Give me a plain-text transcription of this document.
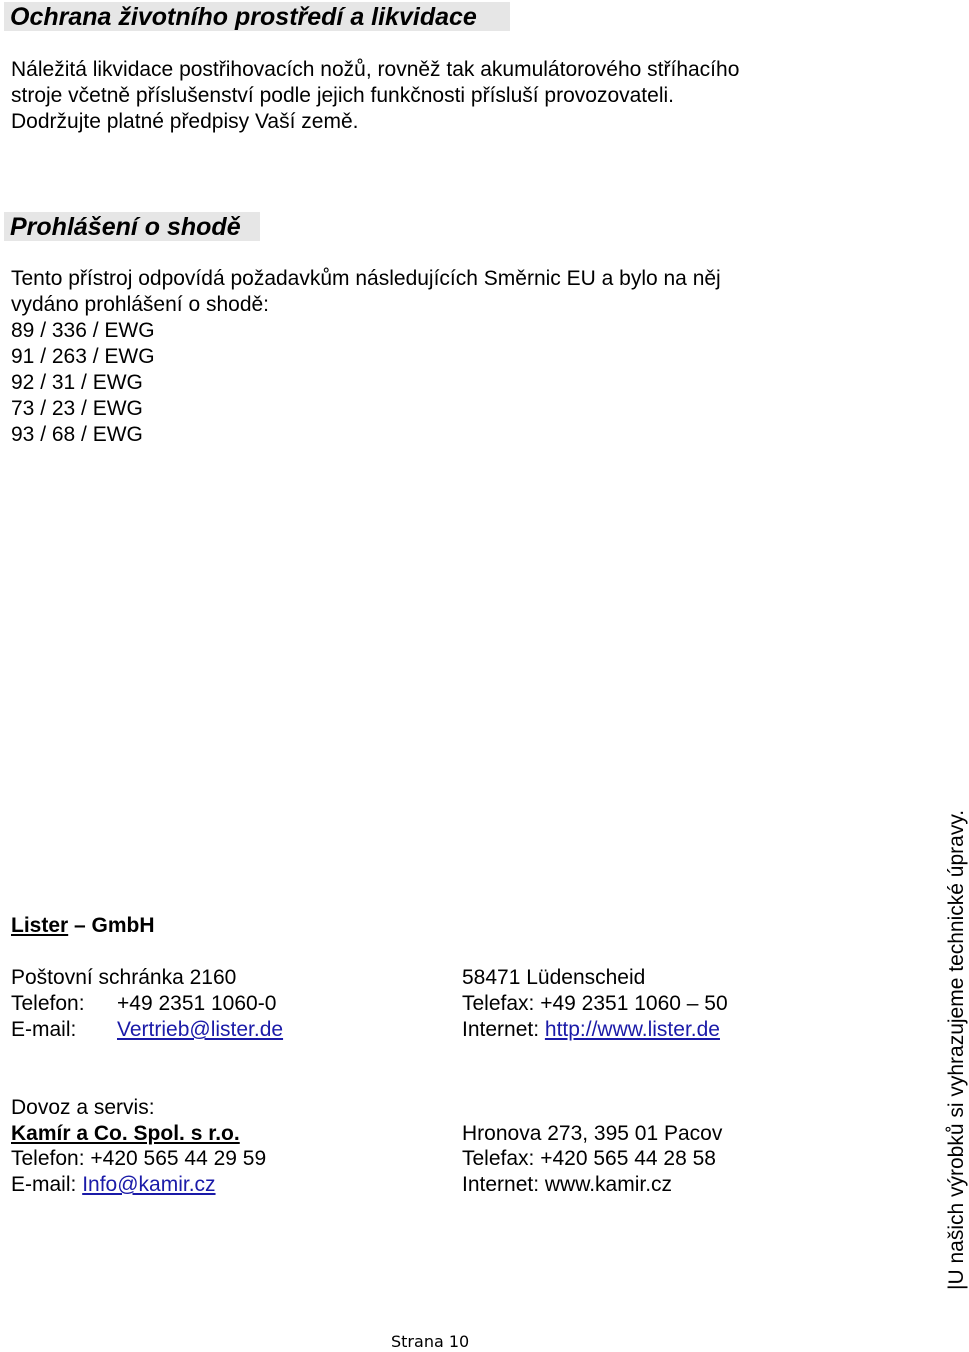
Ochrana životního prostředí a likvidace
Náležitá likvidace postřihovacích nožů, rovněž tak akumulátorového stříhacího
stroje včetně příslušenství podle jejich funkčnosti přísluší provozovateli.
Dodržujte platné předpisy Vaší země.
Prohlášení o shodě
Tento přístroj odpovídá požadavkům následujících Směrnic EU a bylo na něj
vydáno prohlášení o shodě:
89 / 336 / EWG
91 / 263 / EWG
92 / 31 / EWG
73 / 23 / EWG
93 / 68 / EWG
Lister – GmbH
Poštovní schránka 2160	58471 Lüdenscheid
Telefon: +49 2351 1060-0	Telefax: +49 2351 1060 – 50
E-mail: Vertrieb@lister.de	Internet: http://www.lister.de
Dovoz a servis:
Kamír a Co. Spol. s r.o.	Hronova 273, 395 01 Pacov
Telefon: +420 565 44 29 59	Telefax: +420 565 44 28 58
E-mail: Info@kamir.cz	Internet: www.kamir.cz	|U našich výrobků si vyhrazujeme technické úpravy.
Strana 10
